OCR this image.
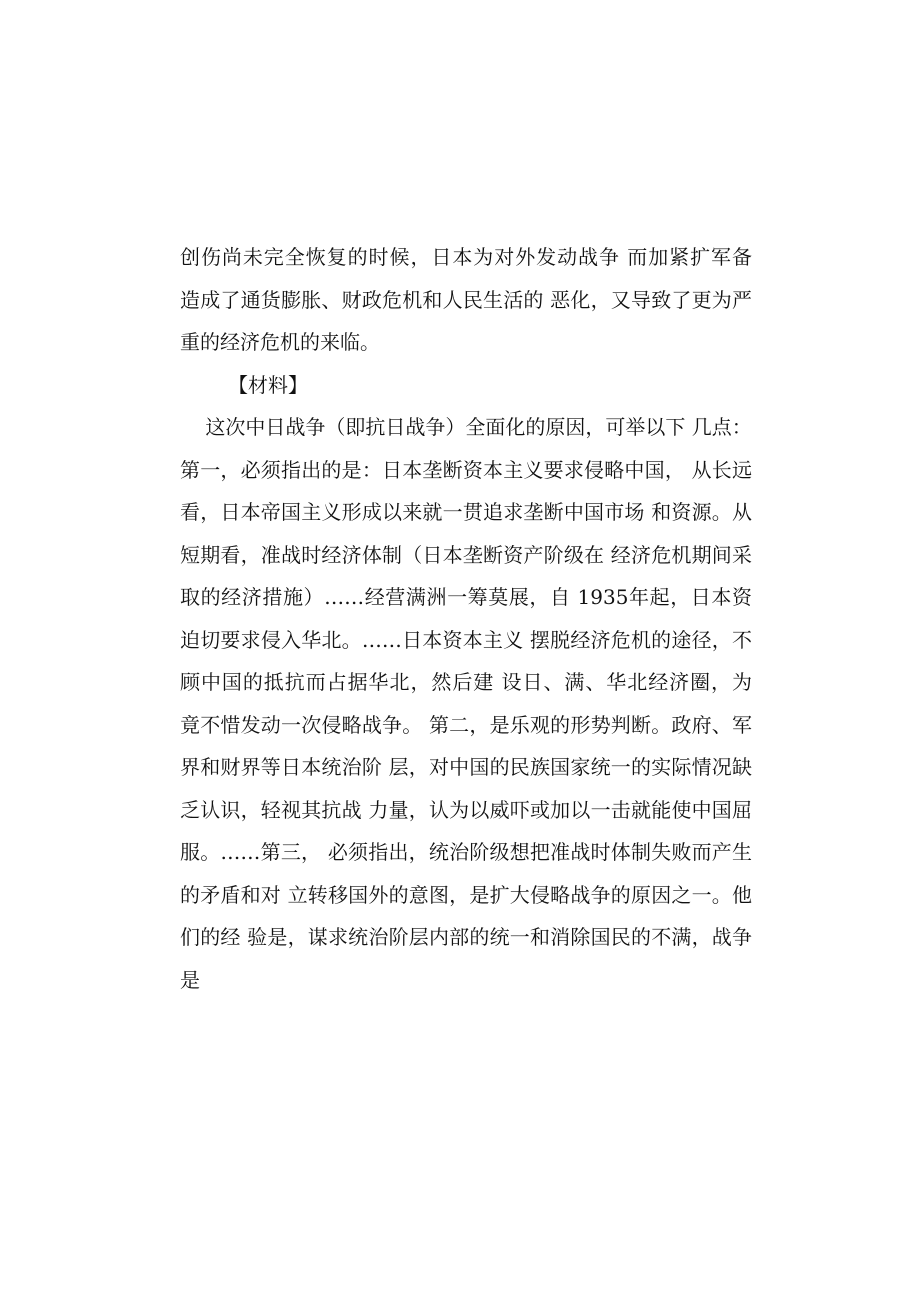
创伤尚未完全恢复的时候，日本为对外发动战争 而加紧扩军备
造成了通货膨胀、财政危机和人民生活的 恶化，又导致了更为严
重的经济危机的来临。
【材料】
这次中日战争（即抗日战争）全面化的原因，可举以下 几点：
第一，必须指出的是：日本垄断资本主义要求侵略中国， 从长远
看，日本帝国主义形成以来就一贯追求垄断中国市场 和资源。从
短期看，准战时经济体制（日本垄断资产阶级在 经济危机期间采
取的经济措施）……经营满洲一筹莫展，自 1935年起，日本资
迫切要求侵入华北。……日本资本主义 摆脱经济危机的途径，不
顾中国的抵抗而占据华北，然后建 设日、满、华北经济圈，为
竟不惜发动一次侵略战争。 第二，是乐观的形势判断。政府、军
界和财界等日本统治阶 层，对中国的民族国家统一的实际情况缺
乏认识，轻视其抗战 力量，认为以威吓或加以一击就能使中国屈
服。……第三， 必须指出，统治阶级想把准战时体制失败而产生
的矛盾和对 立转移国外的意图，是扩大侵略战争的原因之一。他
们的经 验是，谋求统治阶层内部的统一和消除国民的不满，战争
是
